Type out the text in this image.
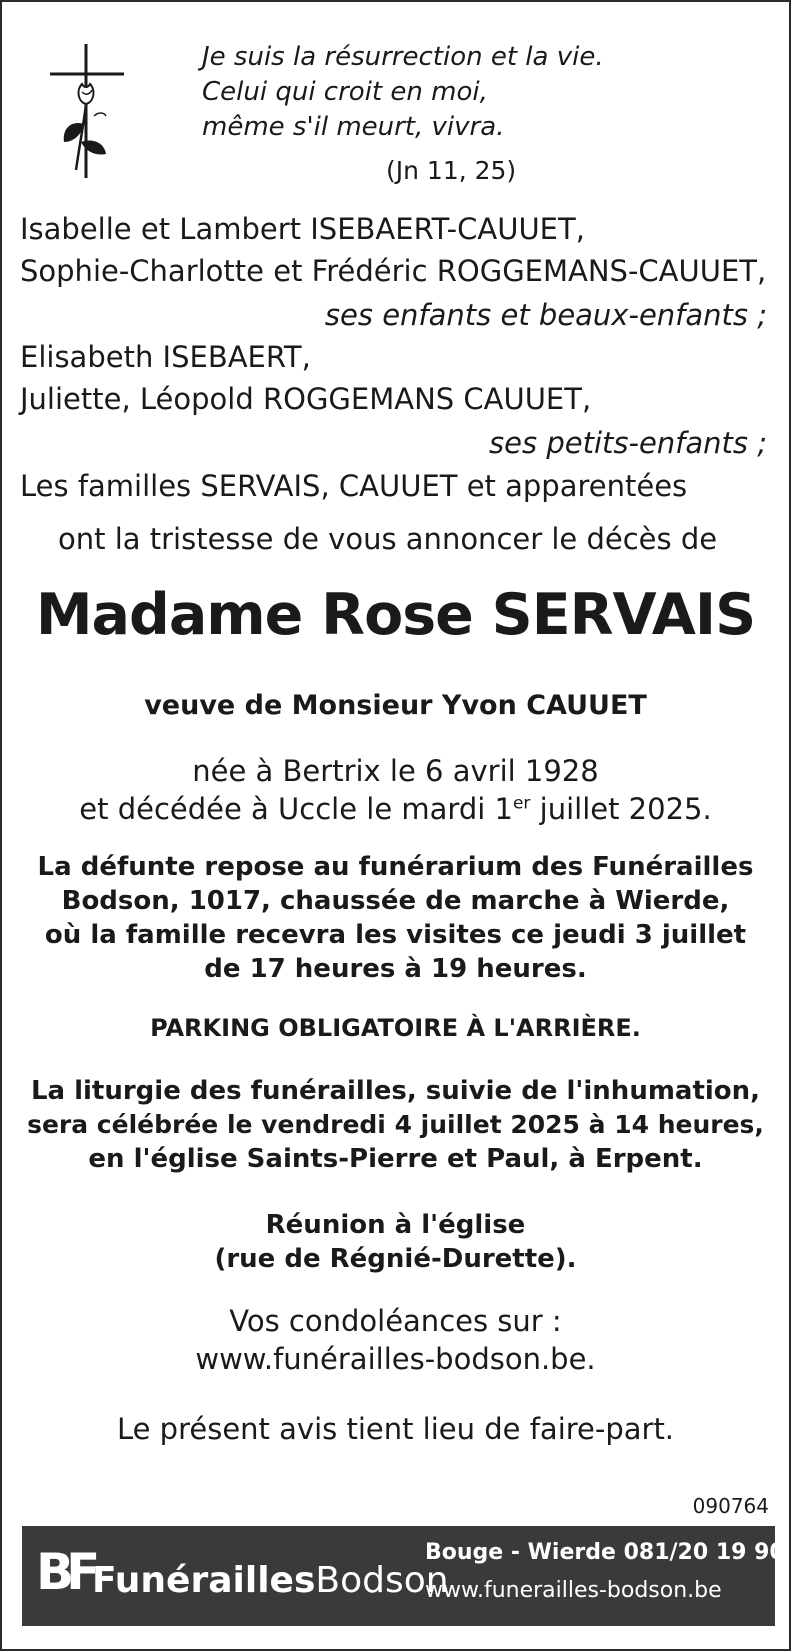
Je suis la résurrection et la vie.
Celui qui croit en moi,
même s'il meurt, vivra.
(Jn 11, 25)
Isabelle et Lambert ISEBAERT-CAUUET,
Sophie-Charlotte et Frédéric ROGGEMANS-CAUUET,
ses enfants et beaux-enfants ;
Elisabeth ISEBAERT,
Juliette, Léopold ROGGEMANS CAUUET,
ses petits-enfants ;
Les familles SERVAIS, CAUUET et apparentées
ont la tristesse de vous annoncer le décès de
Madame Rose SERVAIS
veuve de Monsieur Yvon CAUUET
née à Bertrix le 6 avril 1928
et décédée à Uccle le mardi 1er juillet 2025.
La défunte repose au funérarium des Funérailles
Bodson, 1017, chaussée de marche à Wierde,
où la famille recevra les visites ce jeudi 3 juillet
de 17 heures à 19 heures.
PARKING OBLIGATOIRE À L'ARRIÈRE.
La liturgie des funérailles, suivie de l'inhumation,
sera célébrée le vendredi 4 juillet 2025 à 14 heures,
en l'église Saints-Pierre et Paul, à Erpent.
Réunion à l'église
(rue de Régnié-Durette).
Vos condoléances sur :
www.funérailles-bodson.be.
Le présent avis tient lieu de faire-part.
090764
BF FunéraillesBodson
Bouge - Wierde 081/20 19 90
www.funerailles-bodson.be
